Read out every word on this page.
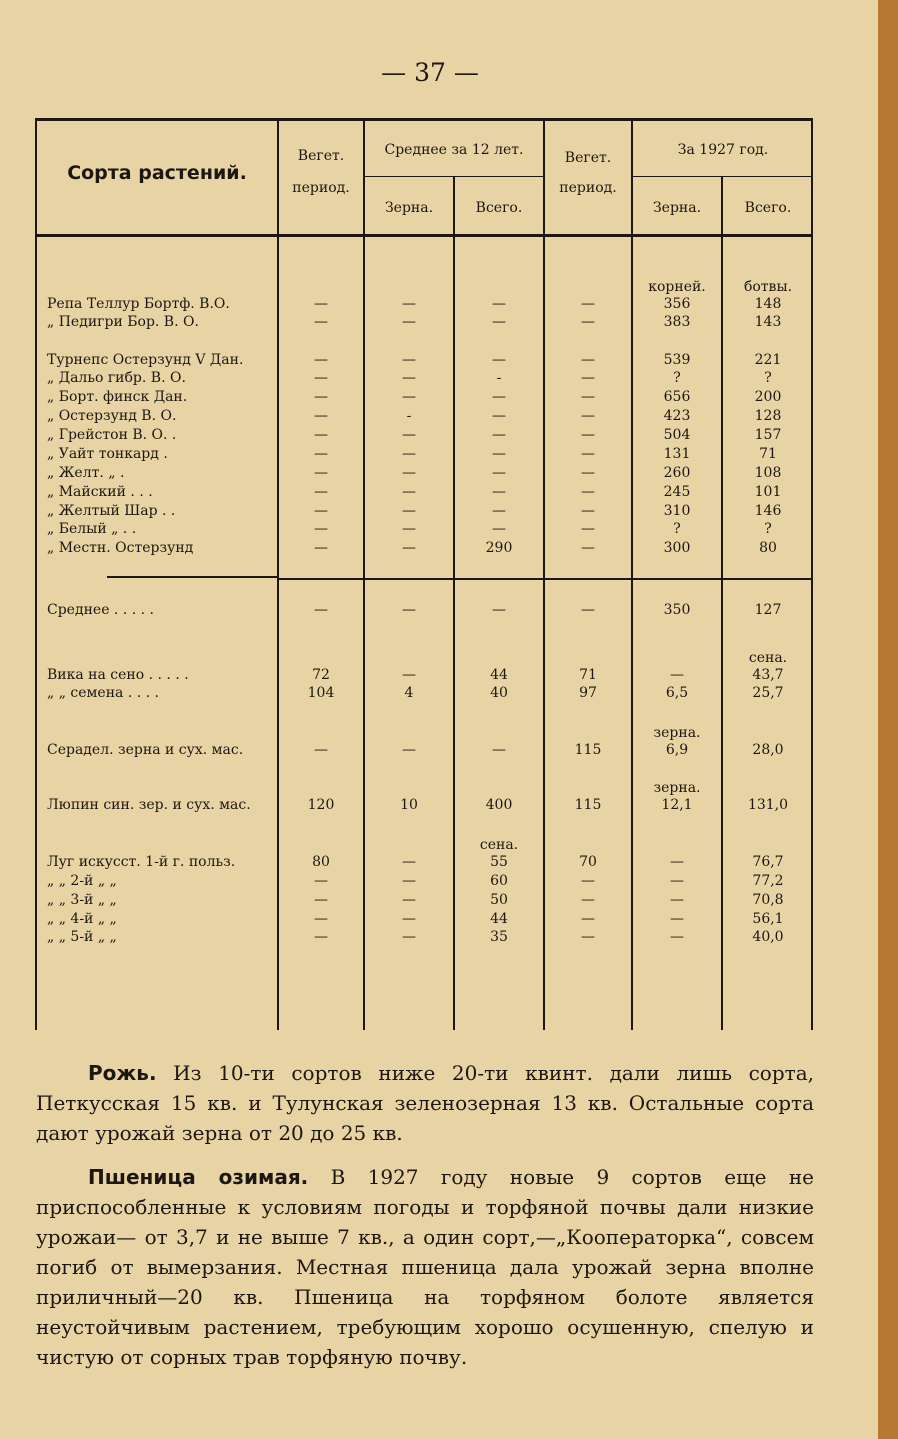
— 37 —
Сорта растений.
Вегет.
период.
Среднее за 12 лет.
Зерна.	Всего.
Вегет.
период.
За 1927 год.
Зерна.	Всего.
корней.	ботвы.
Репа Теллур Бортф. В.О.	—	—	—	—	356	148
„ Педигри Бор. В. О.	—	—	—	—	383	143
Турнепс Остерзунд V Дан.	—	—	—	—	539	221
„ Дальо гибр. В. О.	—	—	-	—	?	?
„ Борт. финск Дан.	—	—	—	—	656	200
„ Остерзунд В. О.	—	-	—	—	423	128
„ Грейстон В. О. .	—	—	—	—	504	157
„ Уайт тонкард .	—	—	—	—	131	71
„ Желт. „ .	—	—	—	—	260	108
„ Майский . . .	—	—	—	—	245	101
„ Желтый Шар . .	—	—	—	—	310	146
„ Белый „ . .	—	—	—	—	?	?
„ Местн. Остерзунд	—	—	290	—	300	80
Среднее . . . . .	—	—	—	—	350	127
сена.
Вика на сено . . . . .	72	—	44	71	—	43,7
„ „ семена . . . .	104	4	40	97	6,5	25,7
зерна.
Сeрадел. зерна и сух. мас.	—	—	—	115	6,9	28,0
зерна.
Люпин син. зер. и сух. мас.	120	10	400	115	12,1	131,0
сена.
Луг искусст. 1-й г. польз.	80	—	55	70	—	76,7
„ „ 2-й „ „	—	—	60	—	—	77,2
„ „ 3-й „ „	—	—	50	—	—	70,8
„ „ 4-й „ „	—	—	44	—	—	56,1
„ „ 5-й „ „	—	—	35	—	—	40,0

Рожь. Из 10-ти сортов ниже 20-ти квинт. дали лишь сорта, Петкусская 15 кв. и Тулунская зеленозерная 13 кв. Остальные сорта дают урожай зерна от 20 до 25 кв.

Пшеница озимая. В 1927 году новые 9 сортов еще не приспособленные к условиям погоды и торфяной почвы дали низкие урожаи— от 3,7 и не выше 7 кв., а один сорт,—„Кооператорка“, совсем погиб от вымерзания. Местная пшеница дала урожай зерна вполне приличный—20 кв. Пшеница на торфяном болоте является неустойчивым растением, требующим хорошо осушенную, спелую и чистую от сорных трав торфяную почву.
